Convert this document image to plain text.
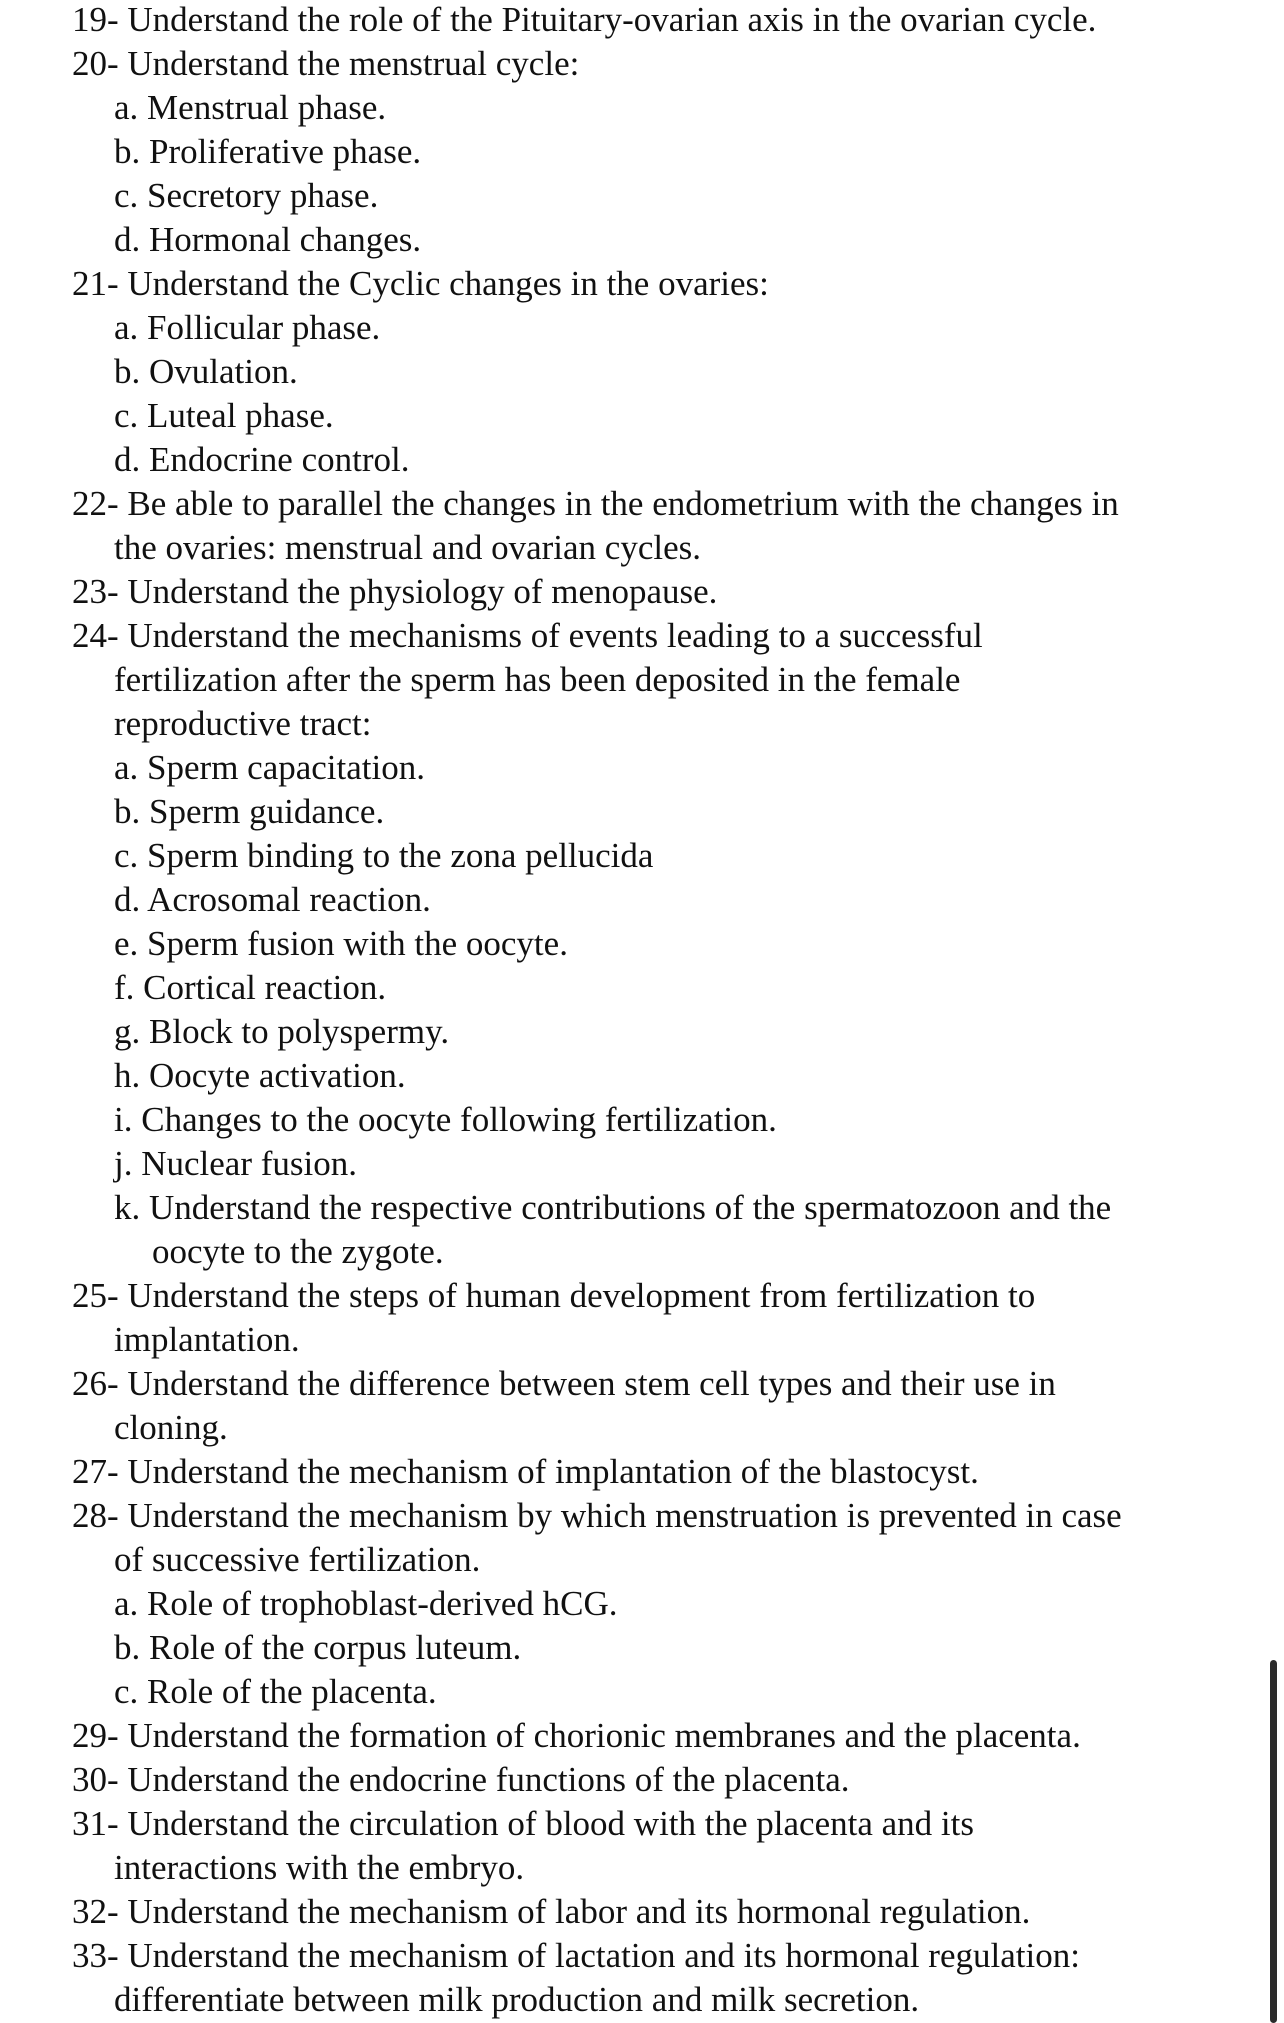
19- Understand the role of the Pituitary-ovarian axis in the ovarian cycle.
20- Understand the menstrual cycle:
a. Menstrual phase.
b. Proliferative phase.
c. Secretory phase.
d. Hormonal changes.
21- Understand the Cyclic changes in the ovaries:
a. Follicular phase.
b. Ovulation.
c. Luteal phase.
d. Endocrine control.
22- Be able to parallel the changes in the endometrium with the changes in
the ovaries: menstrual and ovarian cycles.
23- Understand the physiology of menopause.
24- Understand the mechanisms of events leading to a successful
fertilization after the sperm has been deposited in the female
reproductive tract:
a. Sperm capacitation.
b. Sperm guidance.
c. Sperm binding to the zona pellucida
d. Acrosomal reaction.
e. Sperm fusion with the oocyte.
f. Cortical reaction.
g. Block to polyspermy.
h. Oocyte activation.
i. Changes to the oocyte following fertilization.
j. Nuclear fusion.
k. Understand the respective contributions of the spermatozoon and the
oocyte to the zygote.
25- Understand the steps of human development from fertilization to
implantation.
26- Understand the difference between stem cell types and their use in
cloning.
27- Understand the mechanism of implantation of the blastocyst.
28- Understand the mechanism by which menstruation is prevented in case
of successive fertilization.
a. Role of trophoblast-derived hCG.
b. Role of the corpus luteum.
c. Role of the placenta.
29- Understand the formation of chorionic membranes and the placenta.
30- Understand the endocrine functions of the placenta.
31- Understand the circulation of blood with the placenta and its
interactions with the embryo.
32- Understand the mechanism of labor and its hormonal regulation.
33- Understand the mechanism of lactation and its hormonal regulation:
differentiate between milk production and milk secretion.
